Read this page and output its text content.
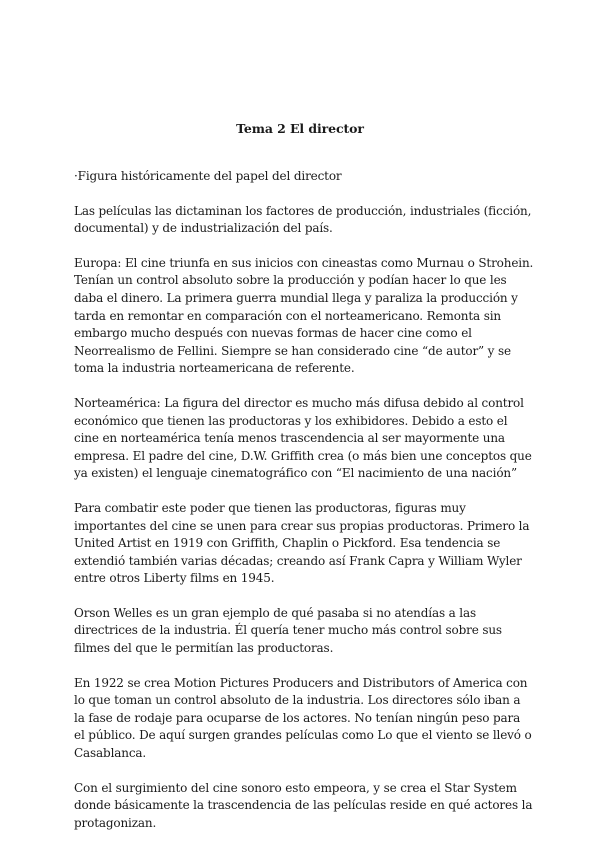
Tema 2 El director

·Figura históricamente del papel del director

Las películas las dictaminan los factores de producción, industriales (ficción, documental) y de industrialización del país.

Europa: El cine triunfa en sus inicios con cineastas como Murnau o Strohein. Tenían un control absoluto sobre la producción y podían hacer lo que les daba el dinero. La primera guerra mundial llega y paraliza la producción y tarda en remontar en comparación con el norteamericano. Remonta sin embargo mucho después con nuevas formas de hacer cine como el Neorrealismo de Fellini. Siempre se han considerado cine “de autor” y se toma la industria norteamericana de referente.

Norteamérica: La figura del director es mucho más difusa debido al control económico que tienen las productoras y los exhibidores. Debido a esto el cine en norteamérica tenía menos trascendencia al ser mayormente una empresa. El padre del cine, D.W. Griffith crea (o más bien une conceptos que ya existen) el lenguaje cinematográfico con “El nacimiento de una nación”

Para combatir este poder que tienen las productoras, figuras muy importantes del cine se unen para crear sus propias productoras. Primero la United Artist en 1919 con Griffith, Chaplin o Pickford. Esa tendencia se extendió también varias décadas; creando así Frank Capra y William Wyler entre otros Liberty films en 1945.

Orson Welles es un gran ejemplo de qué pasaba si no atendías a las directrices de la industria. Él quería tener mucho más control sobre sus filmes del que le permitían las productoras.

En 1922 se crea Motion Pictures Producers and Distributors of America con lo que toman un control absoluto de la industria. Los directores sólo iban a la fase de rodaje para ocuparse de los actores. No tenían ningún peso para el público. De aquí surgen grandes películas como Lo que el viento se llevó o Casablanca.

Con el surgimiento del cine sonoro esto empeora, y se crea el Star System donde básicamente la trascendencia de las películas reside en qué actores la protagonizan.
